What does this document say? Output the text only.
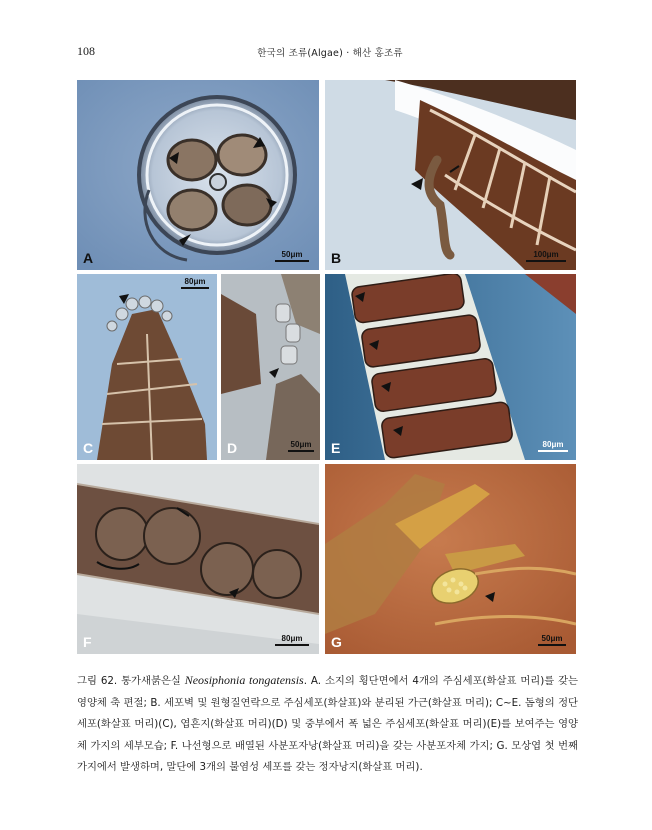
108	한국의 조류(Algae) · 해산 홍조류
A	50μm	B	100μm
C
80μm
D	50μm E	80μm
F	80μm	G	50μm
그림 62. 통가새붉은실 Neosiphonia tongatensis. A. 소지의 횡단면에서 4개의 주심세포(화살표 머리)를 갖는 영양체 축 편절; B. 세포벽 및 원형질연락으로 주심세포(화살표)와 분리된 가근(화살표 머리); C~E. 돔형의 정단세포(화살표 머리)(C), 엽흔지(화살표 머리)(D) 및 중부에서 폭 넓은 주심세포(화살표 머리)(E)를 보여주는 영양체 가지의 세부모습; F. 나선형으로 배열된 사분포자낭(화살표 머리)을 갖는 사분포자체 가지; G. 모상엽 첫 번째 가지에서 발생하며, 말단에 3개의 불염성 세포를 갖는 정자낭지(화살표 머리).
